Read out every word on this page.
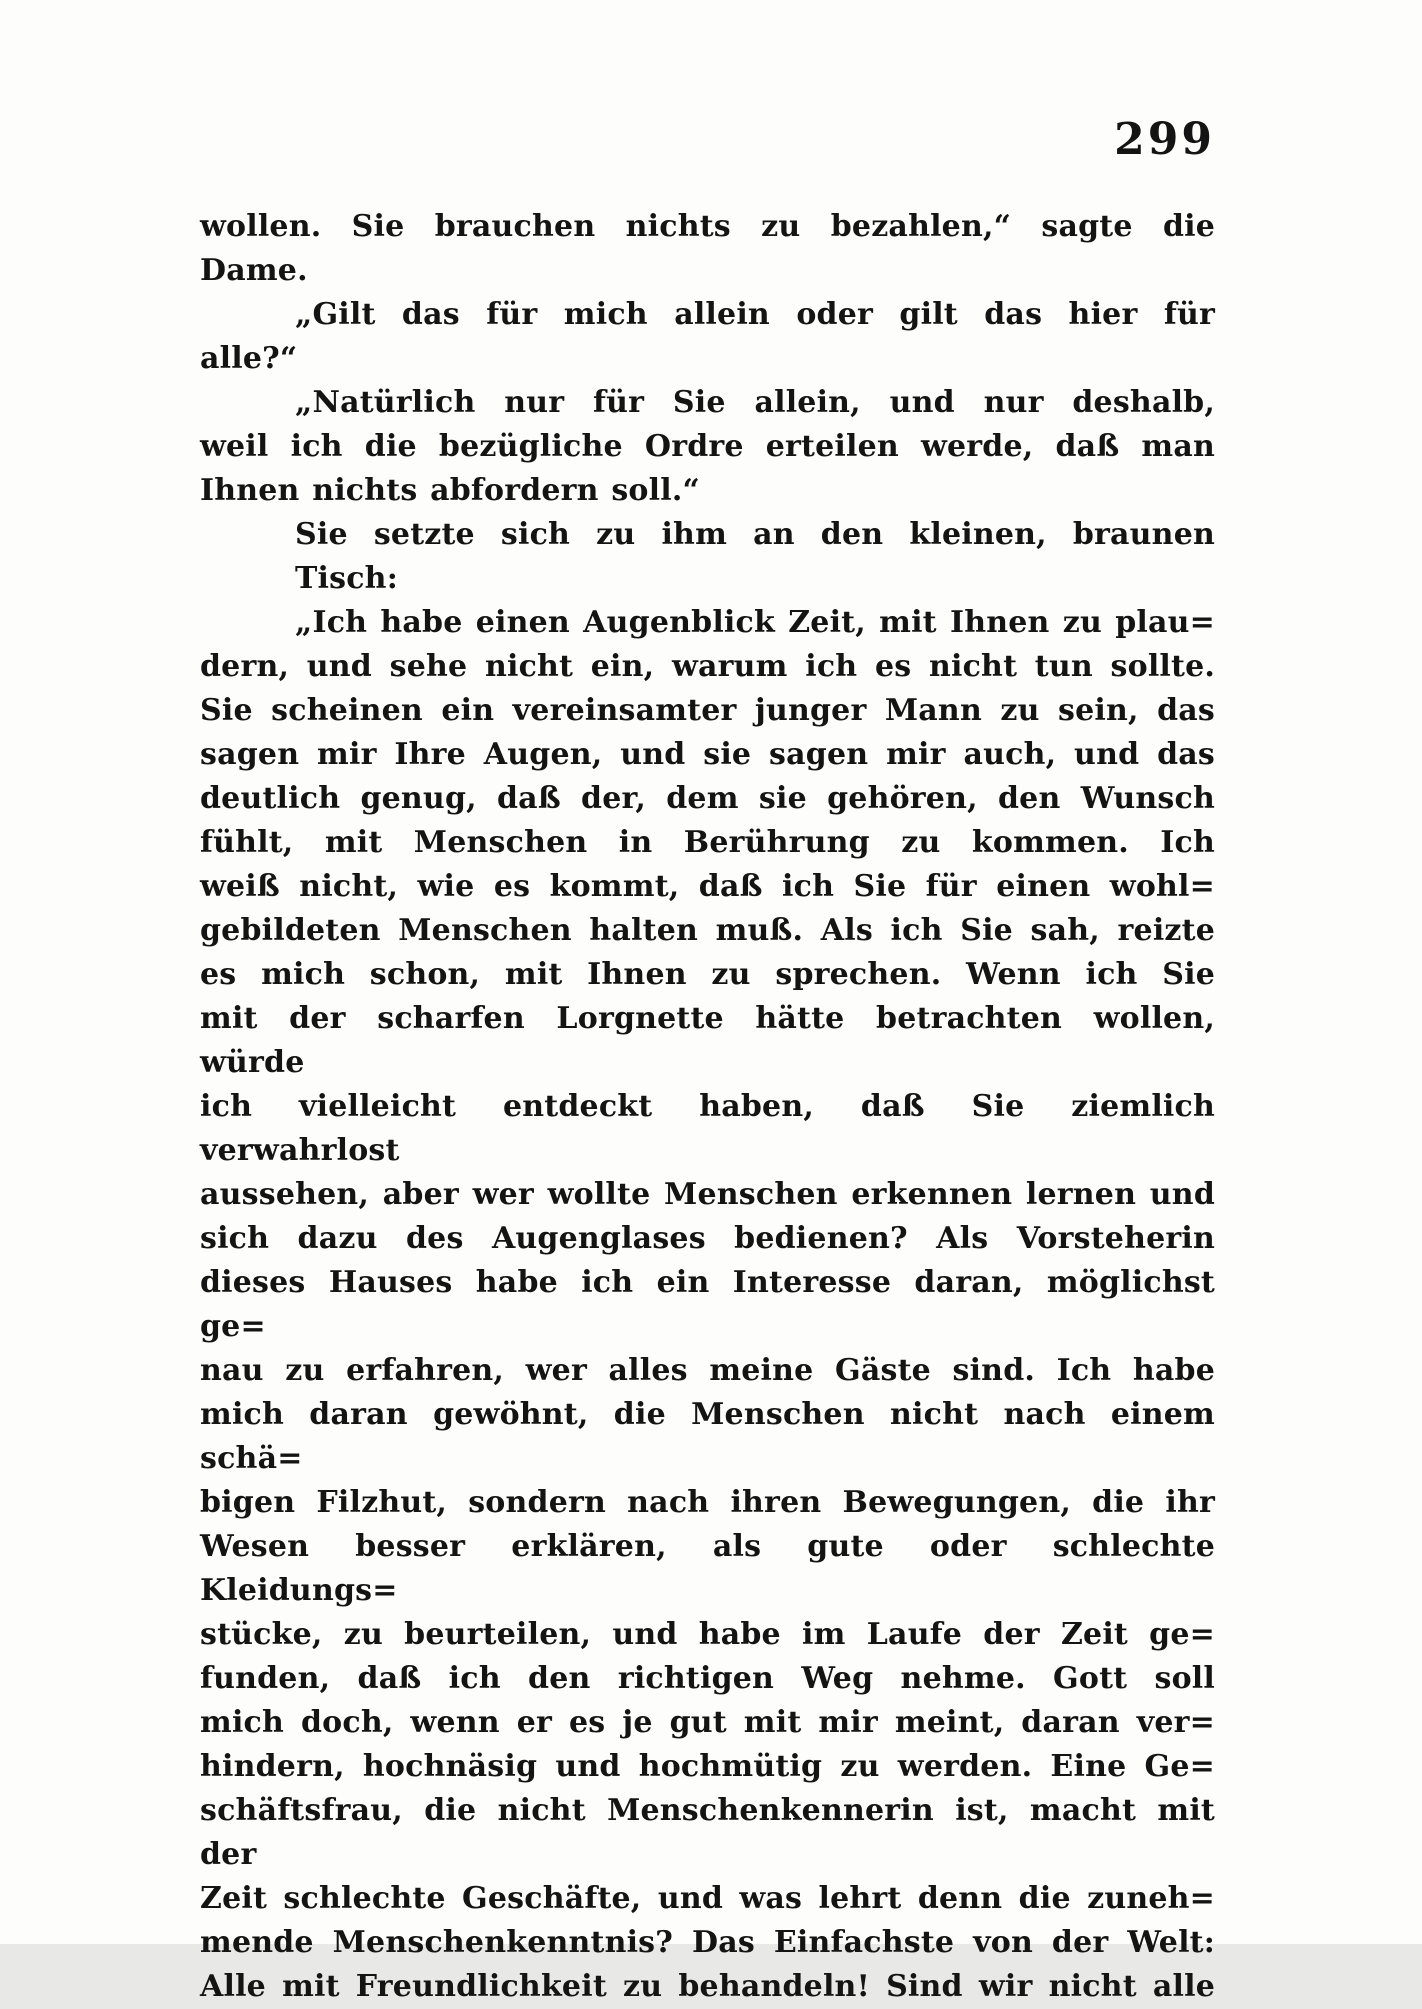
299
wollen. Sie brauchen nichts zu bezahlen,“ sagte die
Dame.
„Gilt das für mich allein oder gilt das hier für
alle?“
„Natürlich nur für Sie allein, und nur deshalb,
weil ich die bezügliche Ordre erteilen werde, daß man
Ihnen nichts abfordern soll.“
Sie setzte sich zu ihm an den kleinen, braunen Tisch:
„Ich habe einen Augenblick Zeit, mit Ihnen zu plau=
dern, und sehe nicht ein, warum ich es nicht tun sollte.
Sie scheinen ein vereinsamter junger Mann zu sein, das
sagen mir Ihre Augen, und sie sagen mir auch, und das
deutlich genug, daß der, dem sie gehören, den Wunsch
fühlt, mit Menschen in Berührung zu kommen. Ich
weiß nicht, wie es kommt, daß ich Sie für einen wohl=
gebildeten Menschen halten muß. Als ich Sie sah, reizte
es mich schon, mit Ihnen zu sprechen. Wenn ich Sie
mit der scharfen Lorgnette hätte betrachten wollen, würde
ich vielleicht entdeckt haben, daß Sie ziemlich verwahrlost
aussehen, aber wer wollte Menschen erkennen lernen und
sich dazu des Augenglases bedienen? Als Vorsteherin
dieses Hauses habe ich ein Interesse daran, möglichst ge=
nau zu erfahren, wer alles meine Gäste sind. Ich habe
mich daran gewöhnt, die Menschen nicht nach einem schä=
bigen Filzhut, sondern nach ihren Bewegungen, die ihr
Wesen besser erklären, als gute oder schlechte Kleidungs=
stücke, zu beurteilen, und habe im Laufe der Zeit ge=
funden, daß ich den richtigen Weg nehme. Gott soll
mich doch, wenn er es je gut mit mir meint, daran ver=
hindern, hochnäsig und hochmütig zu werden. Eine Ge=
schäftsfrau, die nicht Menschenkennerin ist, macht mit der
Zeit schlechte Geschäfte, und was lehrt denn die zuneh=
mende Menschenkenntnis? Das Einfachste von der Welt:
Alle mit Freundlichkeit zu behandeln! Sind wir nicht alle
